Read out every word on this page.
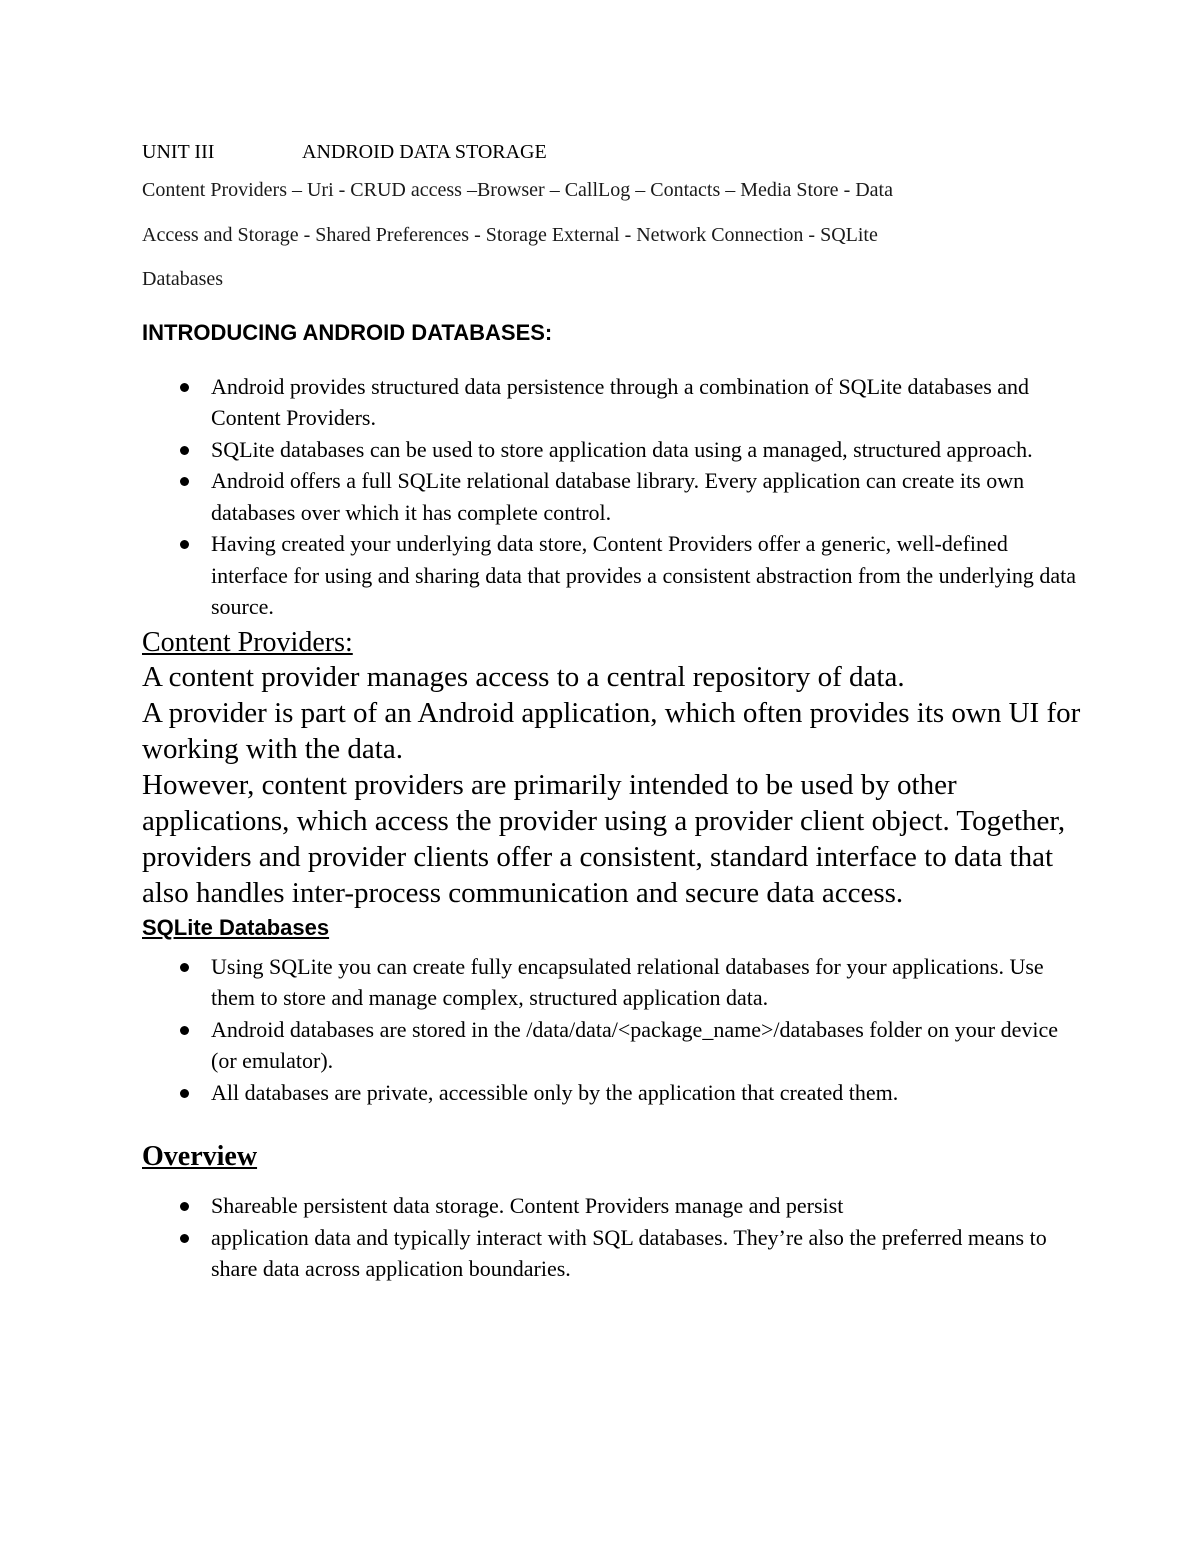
UNIT III	ANDROID DATA STORAGE

Content Providers – Uri - CRUD access –Browser – CallLog – Contacts – Media Store - Data

Access and Storage - Shared Preferences - Storage External - Network Connection - SQLite

Databases

INTRODUCING ANDROID DATABASES:
Android provides structured data persistence through a combination of SQLite databases and Content Providers.
SQLite databases can be used to store application data using a managed, structured approach.
Android offers a full SQLite relational database library. Every application can create its own databases over which it has complete control.
Having created your underlying data store, Content Providers offer a generic, well-defined interface for using and sharing data that provides a consistent abstraction from the underlying data source.
Content Providers:

A content provider manages access to a central repository of data.

A provider is part of an Android application, which often provides its own UI for working with the data.

However, content providers are primarily intended to be used by other applications, which access the provider using a provider client object. Together, providers and provider clients offer a consistent, standard interface to data that also handles inter-process communication and secure data access.

SQLite Databases
Using SQLite you can create fully encapsulated relational databases for your applications. Use them to store and manage complex, structured application data.
Android databases are stored in the /data/data/<package_name>/databases folder on your device (or emulator).
All databases are private, accessible only by the application that created them.
Overview
Shareable persistent data storage. Content Providers manage and persist
application data and typically interact with SQL databases. They’re also the preferred means to share data across application boundaries.
